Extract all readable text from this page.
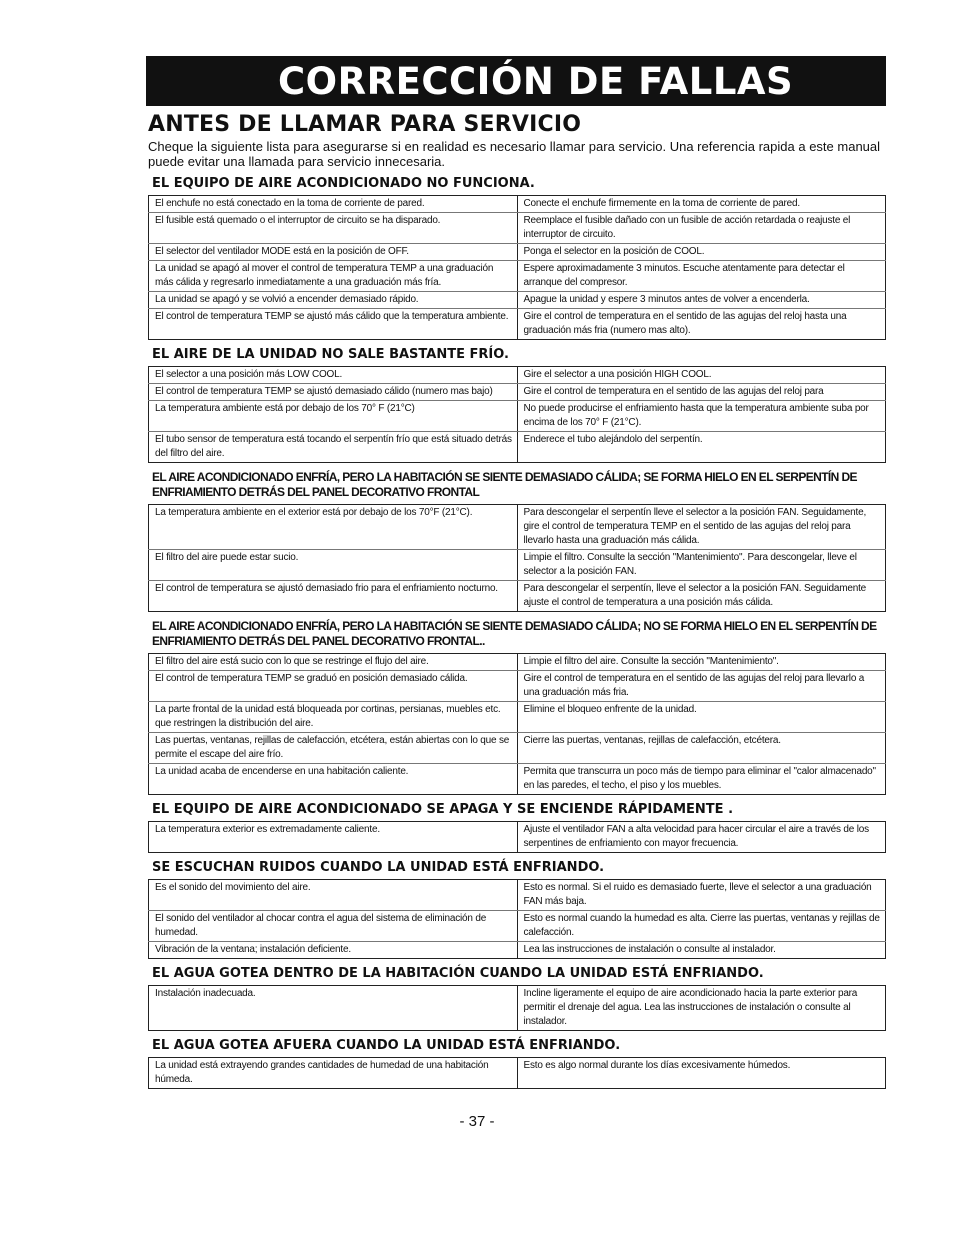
CORRECCIÓN DE FALLAS
ANTES DE LLAMAR PARA SERVICIO
Cheque la siguiente lista para asegurarse si en realidad es necesario llamar para servicio. Una referencia rapida a este manual puede evitar una llamada para servicio innecesaria.
EL EQUIPO DE AIRE ACONDICIONADO NO FUNCIONA.
El enchufe no está conectado en la toma de corriente de pared.	Conecte el enchufe firmemente en la toma de corriente de pared.
El fusible está quemado o el interruptor de circuito se ha disparado.	Reemplace el fusible dañado con un fusible de acción retardada o reajuste el interruptor de circuito.
El selector del ventilador MODE está en la posición de OFF.	Ponga el selector en la posición de COOL.
La unidad se apagó al mover el control de temperatura TEMP a una graduación más cálida y regresarlo inmediatamente a una graduación más fría.	Espere aproximadamente 3 minutos. Escuche atentamente para detectar el arranque del compresor.
La unidad se apagó y se volvió a encender demasiado rápido.	Apague la unidad y espere 3 minutos antes de volver a encenderla.
El control de temperatura TEMP se ajustó más cálido que la temperatura ambiente.	Gire el control de temperatura en el sentido de las agujas del reloj hasta una graduación más fria (numero mas alto).
EL AIRE DE LA UNIDAD NO SALE BASTANTE FRÍO.
El selector a una posición más LOW COOL.	Gire el selector a una posición HIGH COOL.
El control de temperatura TEMP se ajustó demasiado cálido (numero mas bajo)	Gire el control de temperatura en el sentido de las agujas del reloj para
La temperatura ambiente está por debajo de los 70° F (21°C)	No puede producirse el enfriamiento hasta que la temperatura ambiente suba por encima de los 70° F (21°C).
El tubo sensor de temperatura está tocando el serpentín frío que está situado detrás del filtro del aire.	Enderece el tubo alejándolo del serpentín.
EL AIRE ACONDICIONADO ENFRÍA, PERO LA HABITACIÓN SE SIENTE DEMASIADO CÁLIDA; SE FORMA HIELO EN EL SERPENTÍN DE ENFRIAMIENTO DETRÁS DEL PANEL DECORATIVO FRONTAL
La temperatura ambiente en el exterior está por debajo de los 70°F (21°C).	Para descongelar el serpentín lleve el selector a la posición FAN. Seguidamente, gire el control de temperatura TEMP en el sentido de las agujas del reloj para llevarlo hasta una graduación más cálida.
El filtro del aire puede estar sucio.	Limpie el filtro. Consulte la sección "Mantenimiento". Para descongelar, lleve el selector a la posición FAN.
El control de temperatura se ajustó demasiado frio para el enfriamiento nocturno.	Para descongelar el serpentín, lleve el selector a la posición FAN. Seguidamente ajuste el control de temperatura a una posición más cálida.
EL AIRE ACONDICIONADO ENFRÍA, PERO LA HABITACIÓN SE SIENTE DEMASIADO CÁLIDA; NO SE FORMA HIELO EN EL SERPENTÍN DE ENFRIAMIENTO DETRÁS DEL PANEL DECORATIVO FRONTAL..
El filtro del aire está sucio con lo que se restringe el flujo del aire.	Limpie el filtro del aire. Consulte la sección "Mantenimiento".
El control de temperatura TEMP se graduó en posición demasiado cálida.	Gire el control de temperatura en el sentido de las agujas del reloj para llevarlo a una graduación más fria.
La parte frontal de la unidad está bloqueada por cortinas, persianas, muebles etc. que restringen la distribución del aire.	Elimine el bloqueo enfrente de la unidad.
Las puertas, ventanas, rejillas de calefacción, etcétera, están abiertas con lo que se permite el escape del aire frío.	Cierre las puertas, ventanas, rejillas de calefacción, etcétera.
La unidad acaba de encenderse en una habitación caliente.	Permita que transcurra un poco más de tiempo para eliminar el "calor almacenado" en las paredes, el techo, el piso y los muebles.
EL EQUIPO DE AIRE ACONDICIONADO SE APAGA Y SE ENCIENDE RÁPIDAMENTE .
La temperatura exterior es extremadamente caliente.	Ajuste el ventilador FAN a alta velocidad para hacer circular el aire a través de los serpentines de enfriamiento con mayor frecuencia.
SE ESCUCHAN RUIDOS CUANDO LA UNIDAD ESTÁ ENFRIANDO.
Es el sonido del movimiento del aire.	Esto es normal. Si el ruido es demasiado fuerte, lleve el selector a una graduación FAN más baja.
El sonido del ventilador al chocar contra el agua del sistema de eliminación de humedad.	Esto es normal cuando la humedad es alta. Cierre las puertas, ventanas y rejillas de calefacción.
Vibración de la ventana; instalación deficiente.	Lea las instrucciones de instalación o consulte al instalador.
EL AGUA GOTEA DENTRO DE LA HABITACIÓN CUANDO LA UNIDAD ESTÁ ENFRIANDO.
Instalación inadecuada.	Incline ligeramente el equipo de aire acondicionado hacia la parte exterior para permitir el drenaje del agua. Lea las instrucciones de instalación o consulte al instalador.
EL AGUA GOTEA AFUERA CUANDO LA UNIDAD ESTÁ ENFRIANDO.
La unidad está extrayendo grandes cantidades de humedad de una habitación húmeda.	Esto es algo normal durante los días excesivamente húmedos.
- 37 -
